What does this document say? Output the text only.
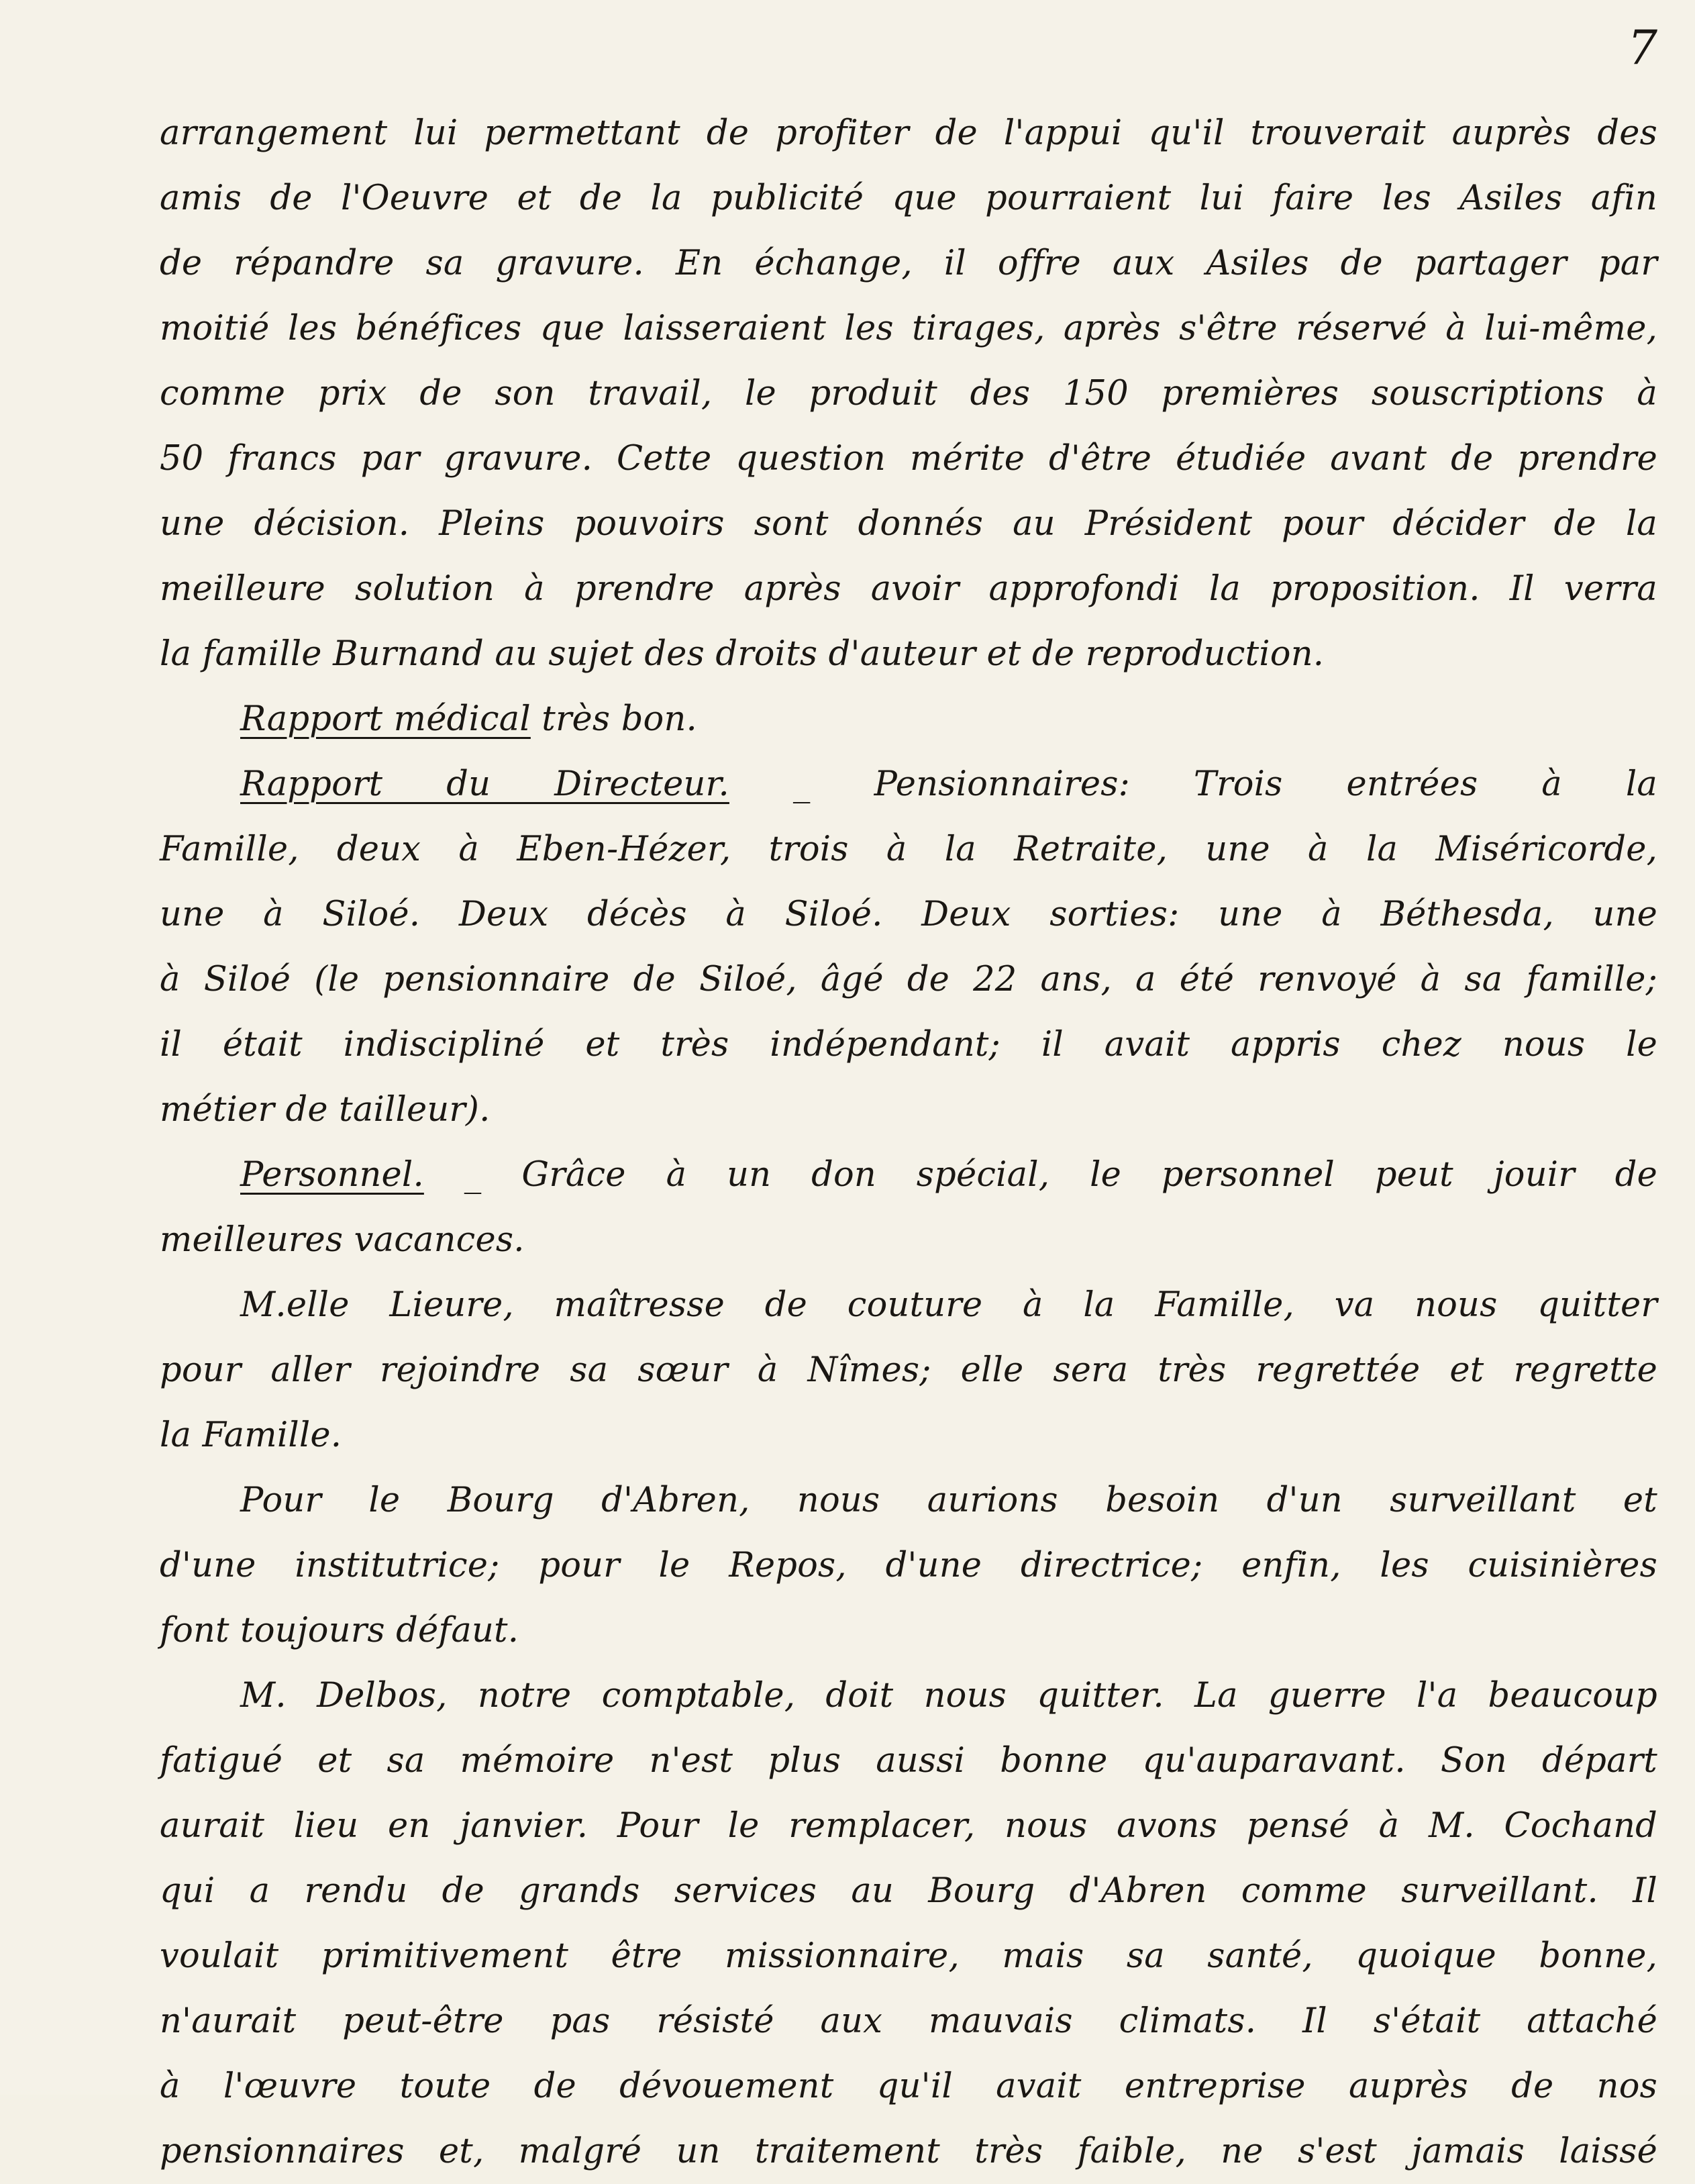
7
arrangement lui permettant de profiter de l'appui qu'il trouverait auprès des
amis de l'Oeuvre et de la publicité que pourraient lui faire les Asiles afin
de répandre sa gravure. En échange, il offre aux Asiles de partager par
moitié les bénéfices que laisseraient les tirages, après s'être réservé à lui-même,
comme prix de son travail, le produit des 150 premières souscriptions à
50 francs par gravure. Cette question mérite d'être étudiée avant de prendre
une décision. Pleins pouvoirs sont donnés au Président pour décider de la
meilleure solution à prendre après avoir approfondi la proposition. Il verra
la famille Burnand au sujet des droits d'auteur et de reproduction.
Rapport médical très bon.
Rapport du Directeur. _ Pensionnaires: Trois entrées à la
Famille, deux à Eben-Hézer, trois à la Retraite, une à la Miséricorde,
une à Siloé. Deux décès à Siloé. Deux sorties: une à Béthesda, une
à Siloé (le pensionnaire de Siloé, âgé de 22 ans, a été renvoyé à sa famille;
il était indiscipliné et très indépendant; il avait appris chez nous le
métier de tailleur).
Personnel. _ Grâce à un don spécial, le personnel peut jouir de
meilleures vacances.
M.elle Lieure, maîtresse de couture à la Famille, va nous quitter
pour aller rejoindre sa sœur à Nîmes; elle sera très regrettée et regrette
la Famille.
Pour le Bourg d'Abren, nous aurions besoin d'un surveillant et
d'une institutrice; pour le Repos, d'une directrice; enfin, les cuisinières
font toujours défaut.
M. Delbos, notre comptable, doit nous quitter. La guerre l'a beaucoup
fatigué et sa mémoire n'est plus aussi bonne qu'auparavant. Son départ
aurait lieu en janvier. Pour le remplacer, nous avons pensé à M. Cochand
qui a rendu de grands services au Bourg d'Abren comme surveillant. Il
voulait primitivement être missionnaire, mais sa santé, quoique bonne,
n'aurait peut-être pas résisté aux mauvais climats. Il s'était attaché
à l'œuvre toute de dévouement qu'il avait entreprise auprès de nos
pensionnaires et, malgré un traitement très faible, ne s'est jamais laissé
